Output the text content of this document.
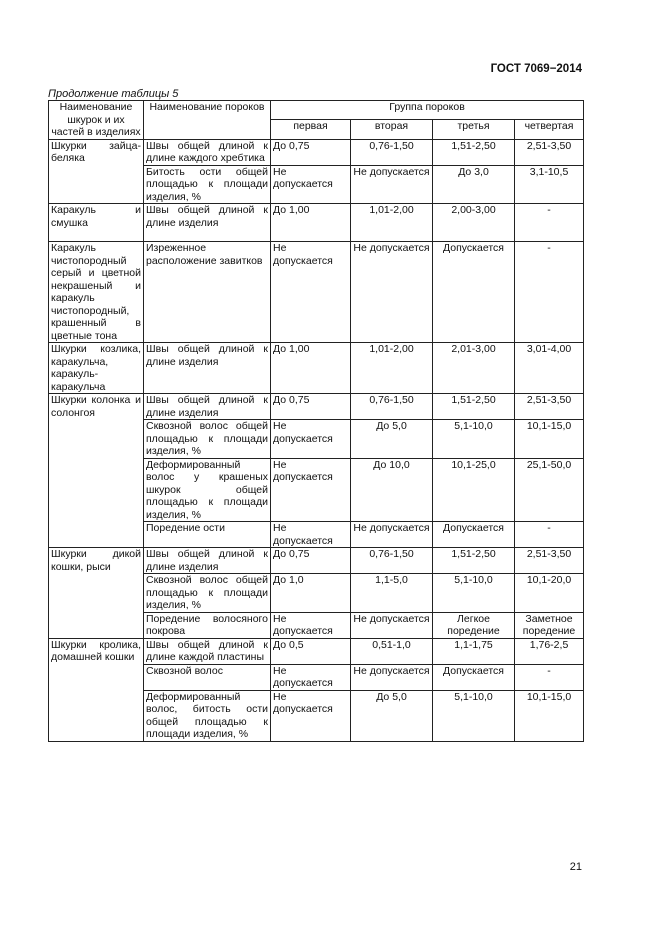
ГОСТ 7069−2014
Продолжение таблицы 5
Наименование шкурок и их частей в изделиях	Наименование пороков	Группа пороков			
		первая	вторая	третья	четвертая
Шкурки зайца-беляка	Швы общей длиной к длине каждого хребтика	До 0,75	0,76-1,50	1,51-2,50	2,51-3,50
	Битость ости общей площадью к площади изделия, %	Не допускается	Не допускается	До 3,0	3,1-10,5
Каракуль и смушка	Швы общей длиной к длине изделия	До 1,00	1,01-2,00	2,00-3,00	-
Каракуль чистопородный серый и цветной некрашеный и каракуль чистопородный, крашенный в цветные тона	Изреженное расположение завитков	Не допускается	Не допускается	Допускается	-
Шкурки козлика, каракульча, каракуль-каракульча	Швы общей длиной к длине изделия	До 1,00	1,01-2,00	2,01-3,00	3,01-4,00
Шкурки колонка и солонгоя	Швы общей длиной к длине изделия	До 0,75	0,76-1,50	1,51-2,50	2,51-3,50
	Сквозной волос общей площадью к площади изделия, %	Не допускается	До 5,0	5,1-10,0	10,1-15,0
	Деформированный волос у крашеных шкурок общей площадью к площади изделия, %	Не допускается	До 10,0	10,1-25,0	25,1-50,0
	Поредение ости	Не допускается	Не допускается	Допускается	-
Шкурки дикой кошки, рыси	Швы общей длиной к длине изделия	До 0,75	0,76-1,50	1,51-2,50	2,51-3,50
	Сквозной волос общей площадью к площади изделия, %	До 1,0	1,1-5,0	5,1-10,0	10,1-20,0
	Поредение волосяного покрова	Не допускается	Не допускается	Легкое поредение	Заметное поредение
Шкурки кролика, домашней кошки	Швы общей длиной к длине каждой пластины	До 0,5	0,51-1,0	1,1-1,75	1,76-2,5
	Сквозной волос	Не допускается	Не допускается	Допускается	-
	Деформированный волос, битость ости общей площадью к площади изделия, %	Не допускается	До 5,0	5,1-10,0	10,1-15,0
21
